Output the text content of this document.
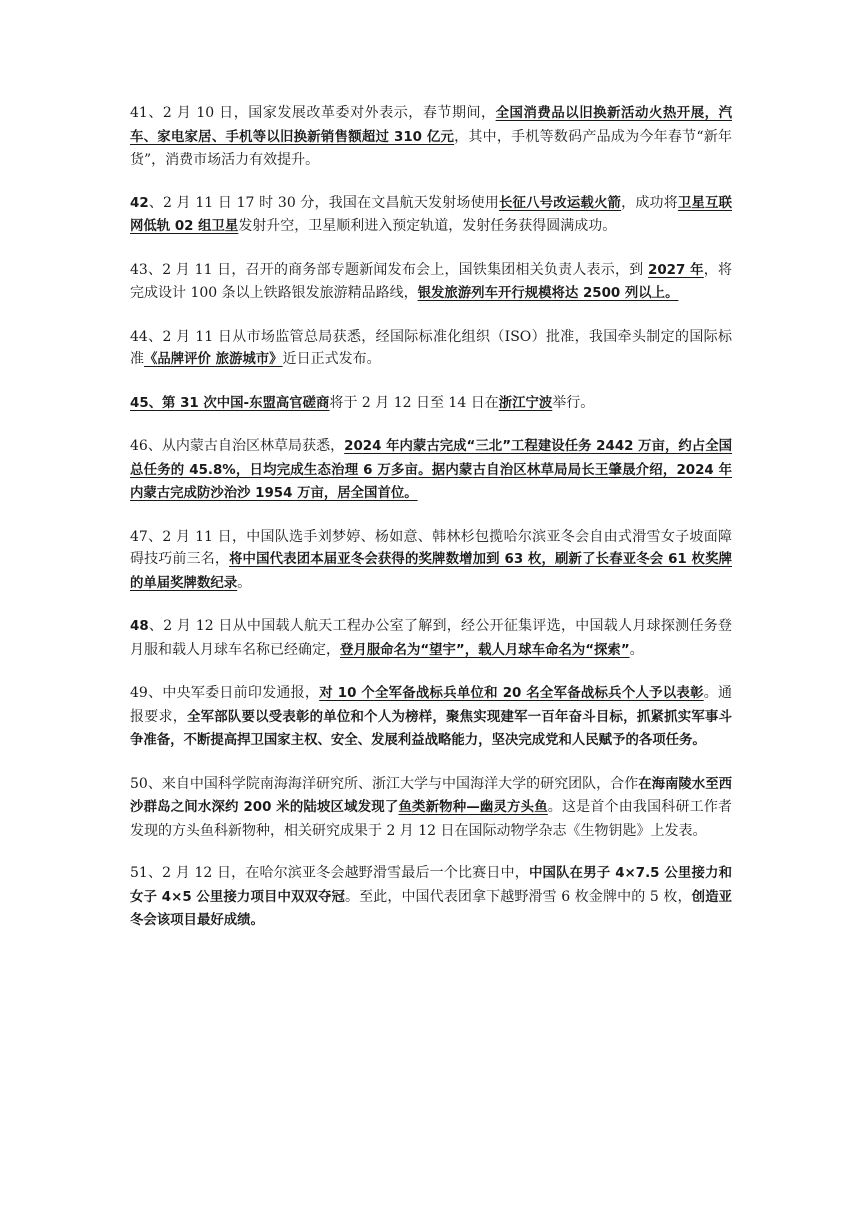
41、2 月 10 日，国家发展改革委对外表示，春节期间，全国消费品以旧换新活动火热开展，汽车、家电家居、手机等以旧换新销售额超过 310 亿元，其中，手机等数码产品成为今年春节“新年货”，消费市场活力有效提升。

42、2 月 11 日 17 时 30 分，我国在文昌航天发射场使用长征八号改运载火箭，成功将卫星互联网低轨 02 组卫星发射升空，卫星顺利进入预定轨道，发射任务获得圆满成功。

43、2 月 11 日，召开的商务部专题新闻发布会上，国铁集团相关负责人表示，到 2027 年，将完成设计 100 条以上铁路银发旅游精品路线，银发旅游列车开行规模将达 2500 列以上。

44、2 月 11 日从市场监管总局获悉，经国际标准化组织（ISO）批准，我国牵头制定的国际标准《品牌评价 旅游城市》近日正式发布。

45、第 31 次中国-东盟高官磋商将于 2 月 12 日至 14 日在浙江宁波举行。

46、从内蒙古自治区林草局获悉，2024 年内蒙古完成“三北”工程建设任务 2442 万亩，约占全国总任务的 45.8%，日均完成生态治理 6 万多亩。据内蒙古自治区林草局局长王肇晟介绍，2024 年内蒙古完成防沙治沙 1954 万亩，居全国首位。

47、2 月 11 日，中国队选手刘梦婷、杨如意、韩林杉包揽哈尔滨亚冬会自由式滑雪女子坡面障碍技巧前三名，将中国代表团本届亚冬会获得的奖牌数增加到 63 枚，刷新了长春亚冬会 61 枚奖牌的单届奖牌数纪录。

48、2 月 12 日从中国载人航天工程办公室了解到，经公开征集评选，中国载人月球探测任务登月服和载人月球车名称已经确定，登月服命名为“望宇”，载人月球车命名为“探索”。

49、中央军委日前印发通报，对 10 个全军备战标兵单位和 20 名全军备战标兵个人予以表彰。通报要求，全军部队要以受表彰的单位和个人为榜样，聚焦实现建军一百年奋斗目标，抓紧抓实军事斗争准备，不断提高捍卫国家主权、安全、发展利益战略能力，坚决完成党和人民赋予的各项任务。

50、来自中国科学院南海海洋研究所、浙江大学与中国海洋大学的研究团队，合作在海南陵水至西沙群岛之间水深约 200 米的陆坡区域发现了鱼类新物种—幽灵方头鱼。这是首个由我国科研工作者发现的方头鱼科新物种，相关研究成果于 2 月 12 日在国际动物学杂志《生物钥匙》上发表。

51、2 月 12 日，在哈尔滨亚冬会越野滑雪最后一个比赛日中，中国队在男子 4×7.5 公里接力和女子 4×5 公里接力项目中双双夺冠。至此，中国代表团拿下越野滑雪 6 枚金牌中的 5 枚，创造亚冬会该项目最好成绩。
